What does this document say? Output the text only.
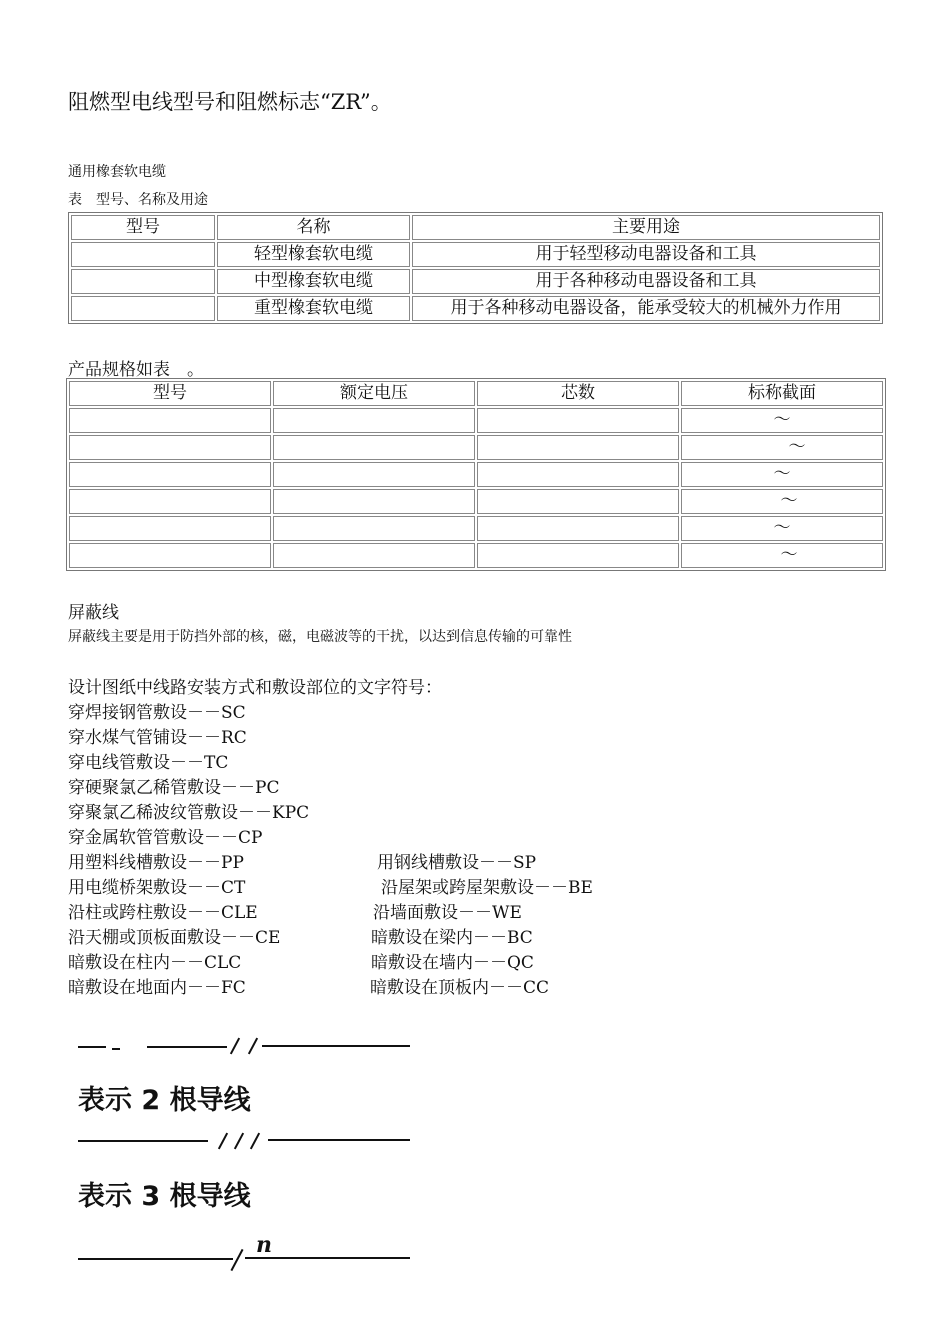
阻燃型电线型号和阻燃标志“ZR”。
通用橡套软电缆
表　型号、名称及用途
型号	名称	主要用途
	轻型橡套软电缆	用于轻型移动电器设备和工具
	中型橡套软电缆	用于各种移动电器设备和工具
	重型橡套软电缆	用于各种移动电器设备，能承受较大的机械外力作用
产品规格如表　。
型号	额定电压	芯数	标称截面
			～
			～
			～
			～
			～
			～
屏蔽线
屏蔽线主要是用于防挡外部的核，磁，电磁波等的干扰，以达到信息传输的可靠性
设计图纸中线路安装方式和敷设部位的文字符号：
穿焊接钢管敷设－－SC
穿水煤气管铺设－－RC
穿电线管敷设－－TC
穿硬聚氯乙稀管敷设－－PC
穿聚氯乙稀波纹管敷设－－KPC
穿金属软管管敷设－－CP
用塑料线槽敷设－－PP	用钢线槽敷设－－SP
用电缆桥架敷设－－CT	沿屋架或跨屋架敷设－－BE
沿柱或跨柱敷设－－CLE	沿墙面敷设－－WE
沿天棚或顶板面敷设－－CE	暗敷设在梁内－－BC
暗敷设在柱内－－CLC	暗敷设在墙内－－QC
暗敷设在地面内－－FC	暗敷设在顶板内－－CC
表示 2 根导线
表示 3 根导线
n
